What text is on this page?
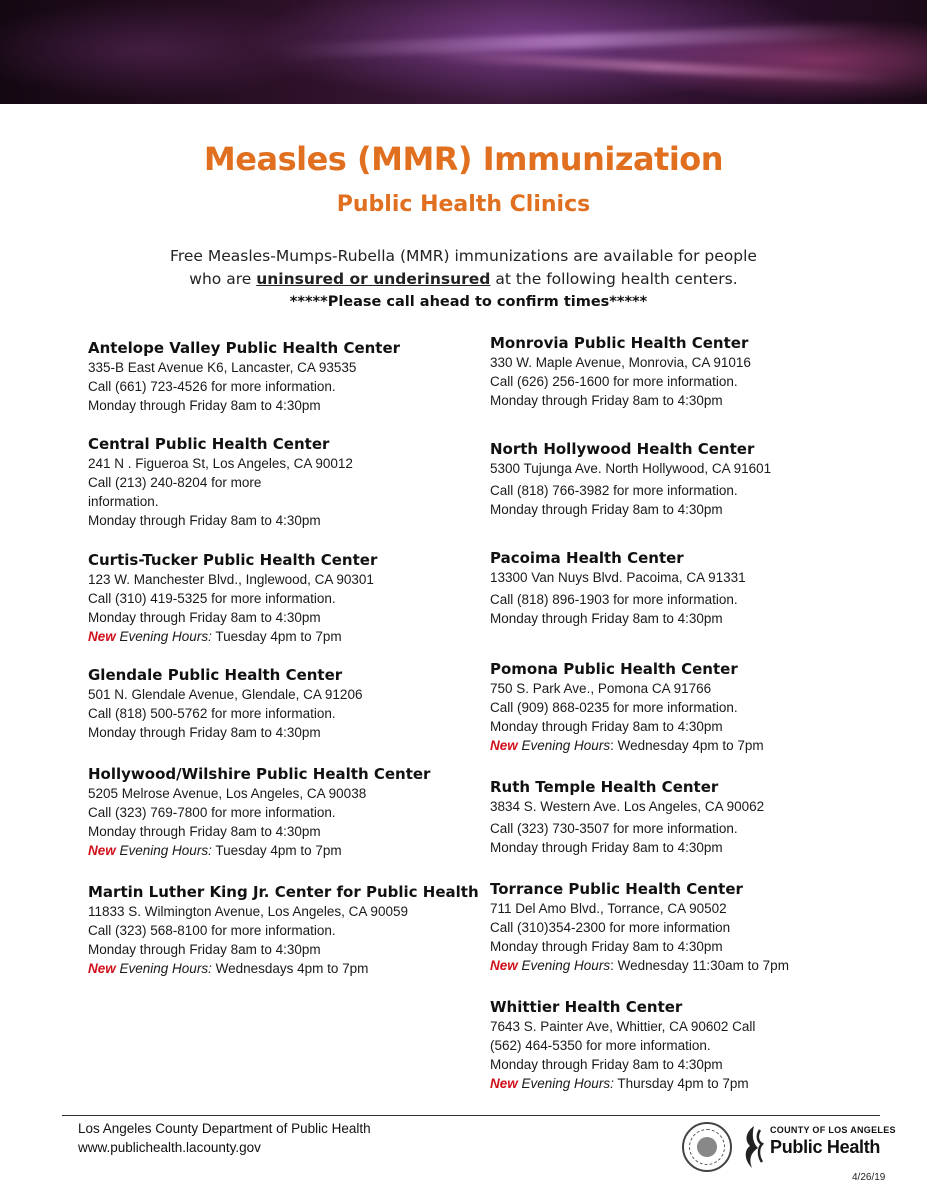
Measles (MMR) Immunization
Public Health Clinics
Free Measles-Mumps-Rubella (MMR) immunizations are available for people
who are uninsured or underinsured at the following health centers.
*****Please call ahead to confirm times*****
Antelope Valley Public Health Center
335-B East Avenue K6, Lancaster, CA 93535
Call (661) 723-4526 for more information.
Monday through Friday 8am to 4:30pm
Central Public Health Center
241 N . Figueroa St, Los Angeles, CA 90012
Call (213) 240-8204 for more information.
Monday through Friday 8am to 4:30pm
Curtis-Tucker Public Health Center
123 W. Manchester Blvd., Inglewood, CA 90301
Call (310) 419-5325 for more information.
Monday through Friday 8am to 4:30pm
New Evening Hours: Tuesday 4pm to 7pm
Glendale Public Health Center
501 N. Glendale Avenue, Glendale, CA 91206
Call (818) 500-5762 for more information.
Monday through Friday 8am to 4:30pm
Hollywood/Wilshire Public Health Center
5205 Melrose Avenue, Los Angeles, CA 90038
Call (323) 769-7800 for more information.
Monday through Friday 8am to 4:30pm
New Evening Hours: Tuesday 4pm to 7pm
Martin Luther King Jr. Center for Public Health
11833 S. Wilmington Avenue, Los Angeles, CA 90059
Call (323) 568-8100 for more information.
Monday through Friday 8am to 4:30pm
New Evening Hours: Wednesdays 4pm to 7pm
Monrovia Public Health Center
330 W. Maple Avenue, Monrovia, CA 91016
Call (626) 256-1600 for more information.
Monday through Friday 8am to 4:30pm
North Hollywood Health Center
5300 Tujunga Ave. North Hollywood, CA 91601
Call (818) 766-3982 for more information.
Monday through Friday 8am to 4:30pm
Pacoima Health Center
13300 Van Nuys Blvd. Pacoima, CA 91331
Call (818) 896-1903 for more information.
Monday through Friday 8am to 4:30pm
Pomona Public Health Center
750 S. Park Ave., Pomona CA 91766
Call (909) 868-0235 for more information.
Monday through Friday 8am to 4:30pm
New Evening Hours: Wednesday 4pm to 7pm
Ruth Temple Health Center
3834 S. Western Ave. Los Angeles, CA 90062
Call (323) 730-3507 for more information.
Monday through Friday 8am to 4:30pm
Torrance Public Health Center
711 Del Amo Blvd., Torrance, CA 90502
Call (310)354-2300 for more information
Monday through Friday 8am to 4:30pm
New Evening Hours: Wednesday 11:30am to 7pm
Whittier Health Center
7643 S. Painter Ave, Whittier, CA 90602 Call (562) 464-5350 for more information.
Monday through Friday 8am to 4:30pm
New Evening Hours: Thursday 4pm to 7pm
Los Angeles County Department of Public Health
www.publichealth.lacounty.gov
COUNTY OF LOS ANGELES
Public Health
4/26/19
